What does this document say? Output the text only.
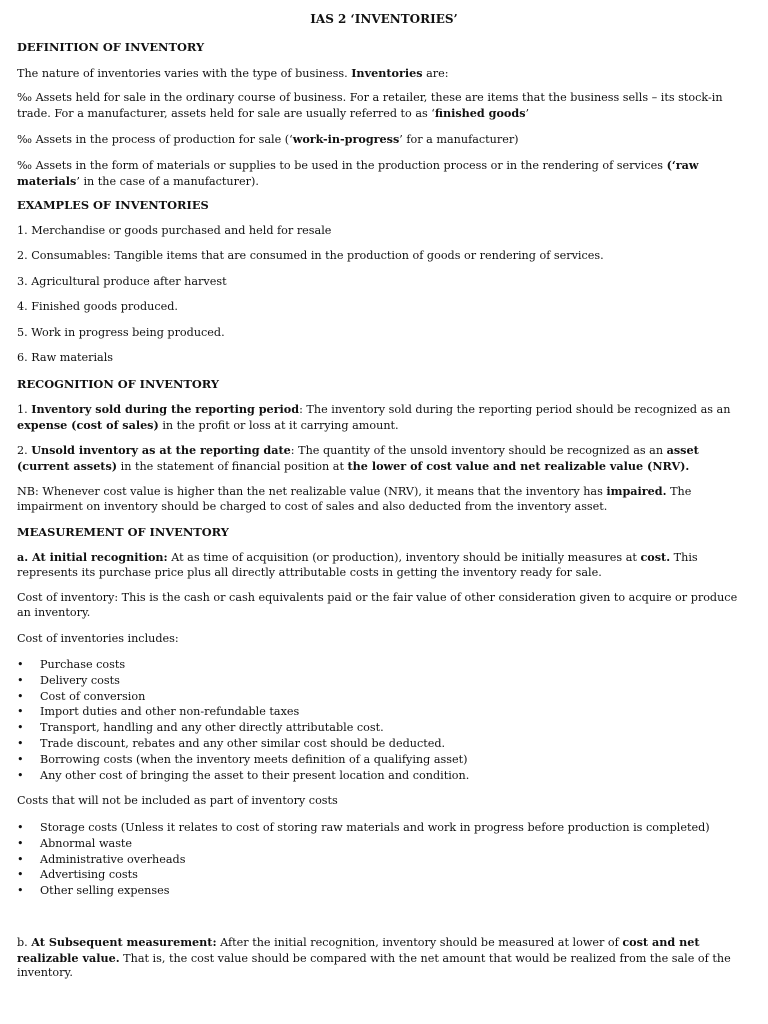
IAS 2 ‘INVENTORIES’

DEFINITION OF INVENTORY

The nature of inventories varies with the type of business. Inventories are:

‰ Assets held for sale in the ordinary course of business. For a retailer, these are items that the business sells – its stock-in trade. For a manufacturer, assets held for sale are usually referred to as ‘finished goods’

‰ Assets in the process of production for sale (‘work-in-progress’ for a manufacturer)

‰ Assets in the form of materials or supplies to be used in the production process or in the rendering of services (‘raw materials’ in the case of a manufacturer).

EXAMPLES OF INVENTORIES

1. Merchandise or goods purchased and held for resale

2. Consumables: Tangible items that are consumed in the production of goods or rendering of services.

3. Agricultural produce after harvest

4. Finished goods produced.

5. Work in progress being produced.

6. Raw materials

RECOGNITION OF INVENTORY

1. Inventory sold during the reporting period: The inventory sold during the reporting period should be recognized as an expense (cost of sales) in the profit or loss at it carrying amount.

2. Unsold inventory as at the reporting date: The quantity of the unsold inventory should be recognized as an asset (current assets) in the statement of financial position at the lower of cost value and net realizable value (NRV).

NB: Whenever cost value is higher than the net realizable value (NRV), it means that the inventory has impaired. The impairment on inventory should be charged to cost of sales and also deducted from the inventory asset.

MEASUREMENT OF INVENTORY

a. At initial recognition: At as time of acquisition (or production), inventory should be initially measures at cost. This represents its purchase price plus all directly attributable costs in getting the inventory ready for sale.

Cost of inventory: This is the cash or cash equivalents paid or the fair value of other consideration given to acquire or produce an inventory.

Cost of inventories includes:

• Purchase costs
• Delivery costs
• Cost of conversion
• Import duties and other non-refundable taxes
• Transport, handling and any other directly attributable cost.
• Trade discount, rebates and any other similar cost should be deducted.
• Borrowing costs (when the inventory meets definition of a qualifying asset)
• Any other cost of bringing the asset to their present location and condition.

Costs that will not be included as part of inventory costs

• Storage costs (Unless it relates to cost of storing raw materials and work in progress before production is completed)
• Abnormal waste
• Administrative overheads
• Advertising costs
• Other selling expenses

b. At Subsequent measurement: After the initial recognition, inventory should be measured at lower of cost and net realizable value. That is, the cost value should be compared with the net amount that would be realized from the sale of the inventory.
